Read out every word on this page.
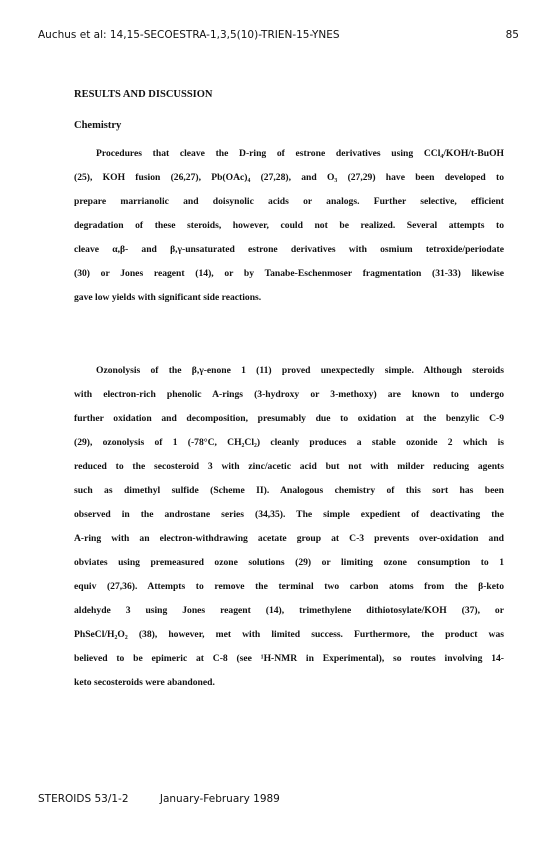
Auchus et al: 14,15-SECOESTRA-1,3,5(10)-TRIEN-15-YNES	85
RESULTS AND DISCUSSION
Chemistry
Procedures that cleave the D-ring of estrone derivatives using CCl₄/KOH/t-BuOH
(25), KOH fusion (26,27), Pb(OAc)₄ (27,28), and O₃ (27,29) have been developed to
prepare marrianolic and doisynolic acids or analogs. Further selective, efficient
degradation of these steroids, however, could not be realized. Several attempts to
cleave α,β- and β,γ-unsaturated estrone derivatives with osmium tetroxide/periodate
(30) or Jones reagent (14), or by Tanabe-Eschenmoser fragmentation (31-33) likewise
gave low yields with significant side reactions.
Ozonolysis of the β,γ-enone 1 (11) proved unexpectedly simple. Although steroids
with electron-rich phenolic A-rings (3-hydroxy or 3-methoxy) are known to undergo
further oxidation and decomposition, presumably due to oxidation at the benzylic C-9
(29), ozonolysis of 1 (-78°C, CH₂Cl₂) cleanly produces a stable ozonide 2 which is
reduced to the secosteroid 3 with zinc/acetic acid but not with milder reducing agents
such as dimethyl sulfide (Scheme II). Analogous chemistry of this sort has been
observed in the androstane series (34,35). The simple expedient of deactivating the
A-ring with an electron-withdrawing acetate group at C-3 prevents over-oxidation and
obviates using premeasured ozone solutions (29) or limiting ozone consumption to 1
equiv (27,36). Attempts to remove the terminal two carbon atoms from the β-keto
aldehyde 3 using Jones reagent (14), trimethylene dithiotosylate/KOH (37), or
PhSeCl/H₂O₂ (38), however, met with limited success. Furthermore, the product was
believed to be epimeric at C-8 (see ¹H-NMR in Experimental), so routes involving 14-
keto secosteroids were abandoned.
STEROIDS 53/1-2	January-February 1989
